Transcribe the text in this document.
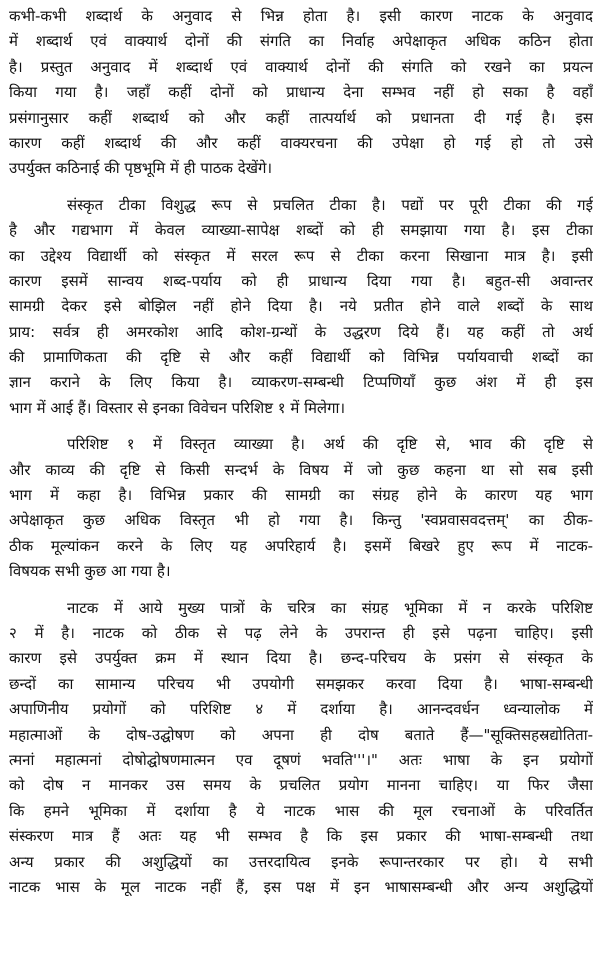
कभी-कभी शब्दार्थ के अनुवाद से भिन्न होता है। इसी कारण नाटक के अनुवाद
में शब्दार्थ एवं वाक्यार्थ दोनों की संगति का निर्वाह अपेक्षाकृत अधिक कठिन होता
है। प्रस्तुत अनुवाद में शब्दार्थ एवं वाक्यार्थ दोनों की संगति को रखने का प्रयत्न
किया गया है। जहाँ कहीं दोनों को प्राधान्य देना सम्भव नहीं हो सका है वहाँ
प्रसंगानुसार कहीं शब्दार्थ को और कहीं तात्पर्यार्थ को प्रधानता दी गई है। इस
कारण कहीं शब्दार्थ की और कहीं वाक्यरचना की उपेक्षा हो गई हो तो उसे
उपर्युक्त कठिनाई की पृष्ठभूमि में ही पाठक देखेंगे।
संस्कृत टीका विशुद्ध रूप से प्रचलित टीका है। पद्यों पर पूरी टीका की गई
है और गद्यभाग में केवल व्याख्या-सापेक्ष शब्दों को ही समझाया गया है। इस टीका
का उद्देश्य विद्यार्थी को संस्कृत में सरल रूप से टीका करना सिखाना मात्र है। इसी
कारण इसमें सान्वय शब्द-पर्याय को ही प्राधान्य दिया गया है। बहुत-सी अवान्तर
सामग्री देकर इसे बोझिल नहीं होने दिया है। नये प्रतीत होने वाले शब्दों के साथ
प्राय: सर्वत्र ही अमरकोश आदि कोश-ग्रन्थों के उद्धरण दिये हैं। यह कहीं तो अर्थ
की प्रामाणिकता की दृष्टि से और कहीं विद्यार्थी को विभिन्न पर्यायवाची शब्दों का
ज्ञान कराने के लिए किया है। व्याकरण-सम्बन्धी टिप्पणियाँ कुछ अंश में ही इस
भाग में आई हैं। विस्तार से इनका विवेचन परिशिष्ट १ में मिलेगा।
परिशिष्ट १ में विस्तृत व्याख्या है। अर्थ की दृष्टि से, भाव की दृष्टि से
और काव्य की दृष्टि से किसी सन्दर्भ के विषय में जो कुछ कहना था सो सब इसी
भाग में कहा है। विभिन्न प्रकार की सामग्री का संग्रह होने के कारण यह भाग
अपेक्षाकृत कुछ अधिक विस्तृत भी हो गया है। किन्तु 'स्वप्नवासवदत्तम्' का ठीक-
ठीक मूल्यांकन करने के लिए यह अपरिहार्य है। इसमें बिखरे हुए रूप में नाटक-
विषयक सभी कुछ आ गया है।
नाटक में आये मुख्य पात्रों के चरित्र का संग्रह भूमिका में न करके परिशिष्ट
२ में है। नाटक को ठीक से पढ़ लेने के उपरान्त ही इसे पढ़ना चाहिए। इसी
कारण इसे उपर्युक्त क्रम में स्थान दिया है। छन्द-परिचय के प्रसंग से संस्कृत के
छन्दों का सामान्य परिचय भी उपयोगी समझकर करवा दिया है। भाषा-सम्बन्धी
अपाणिनीय प्रयोगों को परिशिष्ट ४ में दर्शाया है। आनन्दवर्धन ध्वन्यालोक में
महात्माओं के दोष-उद्घोषण को अपना ही दोष बताते हैं—"सूक्तिसहस्रद्योतिता-
त्मनां महात्मनां दोषोद्घोषणमात्मन एव दूषणं भवति'''।" अतः भाषा के इन प्रयोगों
को दोष न मानकर उस समय के प्रचलित प्रयोग मानना चाहिए। या फिर जैसा
कि हमने भूमिका में दर्शाया है ये नाटक भास की मूल रचनाओं के परिवर्तित
संस्करण मात्र हैं अतः यह भी सम्भव है कि इस प्रकार की भाषा-सम्बन्धी तथा
अन्य प्रकार की अशुद्धियों का उत्तरदायित्व इनके रूपान्तरकार पर हो। ये सभी
नाटक भास के मूल नाटक नहीं हैं, इस पक्ष में इन भाषासम्बन्धी और अन्य अशुद्धियों
